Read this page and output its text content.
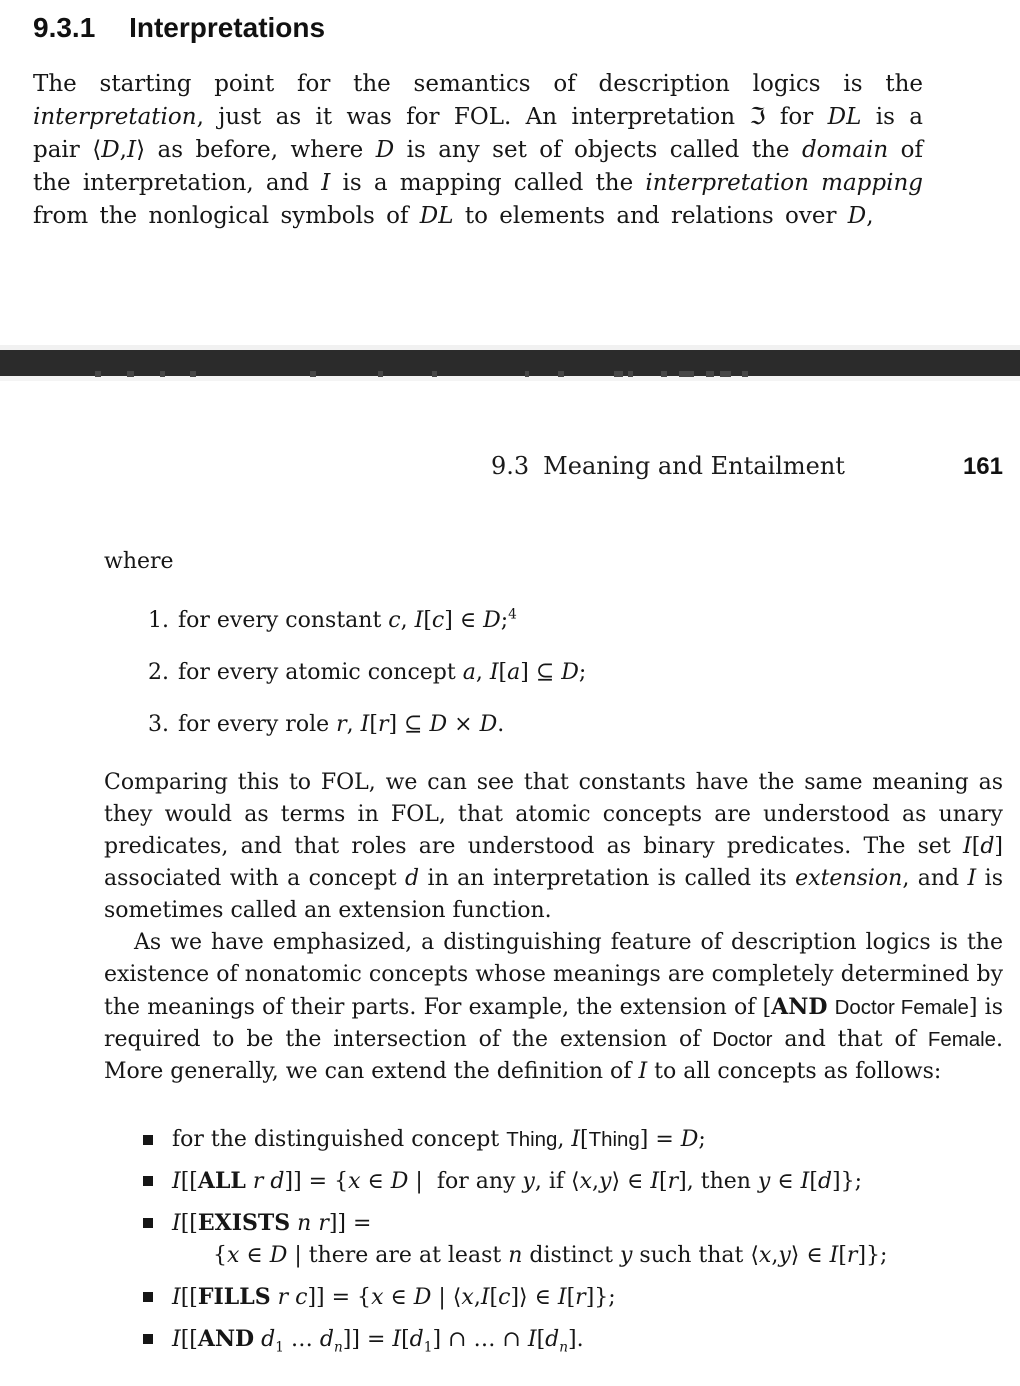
9.3.1 Interpretations

The starting point for the semantics of description logics is the interpretation, just as it was for FOL. An interpretation ℑ for DL is a pair ⟨D,I⟩ as before, where D is any set of objects called the domain of the interpretation, and I is a mapping called the interpretation mapping from the nonlogical symbols of DL to elements and relations over D,

9.3 Meaning and Entailment	161

where

1. for every constant c, I[c] ∈ D;$^4$
2. for every atomic concept a, I[a] ⊆ D;
3. for every role r, I[r] ⊆ D × D.

Comparing this to FOL, we can see that constants have the same meaning as they would as terms in FOL, that atomic concepts are understood as unary predicates, and that roles are understood as binary predicates. The set I[d] associated with a concept d in an interpretation is called its extension, and I is sometimes called an extension function.

As we have emphasized, a distinguishing feature of description logics is the existence of nonatomic concepts whose meanings are completely determined by the meanings of their parts. For example, the extension of [AND Doctor Female] is required to be the intersection of the extension of Doctor and that of Female. More generally, we can extend the definition of I to all concepts as follows:

for the distinguished concept Thing, I[Thing] = D;
I[[ALL r d]] = {x ∈ D |  for any y, if ⟨x,y⟩ ∈ I[r], then y ∈ I[d]};
I[[EXISTS n r]] =
{x ∈ D | there are at least n distinct y such that ⟨x,y⟩ ∈ I[r]};
I[[FILLS r c]] = {x ∈ D | ⟨x,I[c]⟩ ∈ I[r]};
I[[AND $d_1$ … $d_n]] = I[d_1]$ ∩ … ∩ $I[d_n]$.
